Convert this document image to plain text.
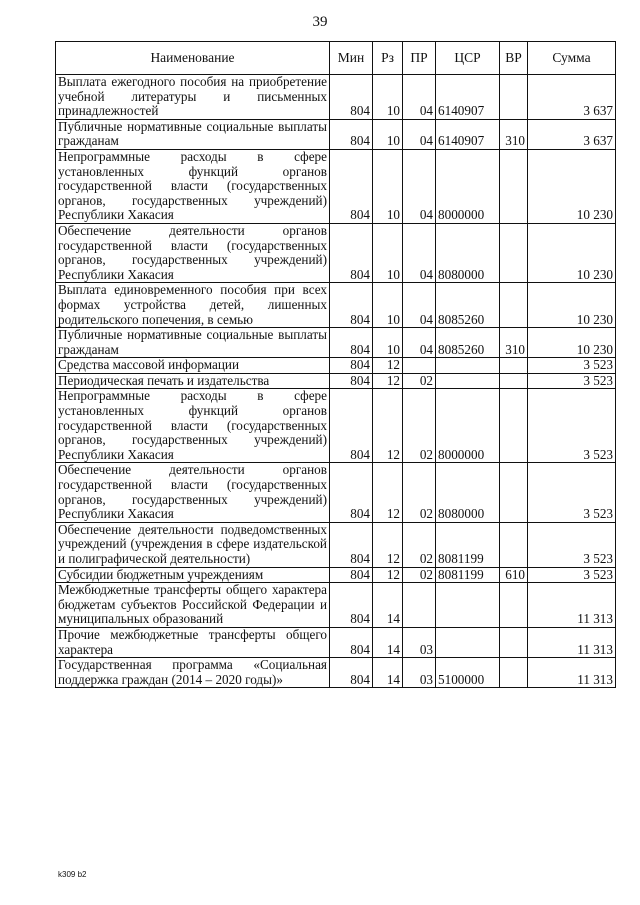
39
Наименование	Мин	Рз	ПР	ЦСР	ВР	Сумма
Выплата ежегодного пособия на приобретение учебной литературы и письменных принадлежностей	804	10	04	6140907		3 637
Публичные нормативные социальные выплаты гражданам	804	10	04	6140907	310	3 637
Непрограммные расходы в сфере установленных функций органов государственной власти (государственных органов, государственных учреждений) Республики Хакасия	804	10	04	8000000		10 230
Обеспечение деятельности органов государственной власти (государственных органов, государственных учреждений) Республики Хакасия	804	10	04	8080000		10 230
Выплата единовременного пособия при всех формах устройства детей, лишенных родительского попечения, в семью	804	10	04	8085260		10 230
Публичные нормативные социальные выплаты гражданам	804	10	04	8085260	310	10 230
Средства массовой информации	804	12				3 523
Периодическая печать и издательства	804	12	02			3 523
Непрограммные расходы в сфере установленных функций органов государственной власти (государственных органов, государственных учреждений) Республики Хакасия	804	12	02	8000000		3 523
Обеспечение деятельности органов государственной власти (государственных органов, государственных учреждений) Республики Хакасия	804	12	02	8080000		3 523
Обеспечение деятельности подведомственных учреждений (учреждения в сфере издательской и полиграфической деятельности)	804	12	02	8081199		3 523
Субсидии бюджетным учреждениям	804	12	02	8081199	610	3 523
Межбюджетные трансферты общего характера бюджетам субъектов Российской Федерации и муниципальных образований	804	14				11 313
Прочие межбюджетные трансферты общего характера	804	14	03			11 313
Государственная программа «Социальная поддержка граждан (2014 – 2020 годы)»	804	14	03	5100000		11 313
k309 b2
